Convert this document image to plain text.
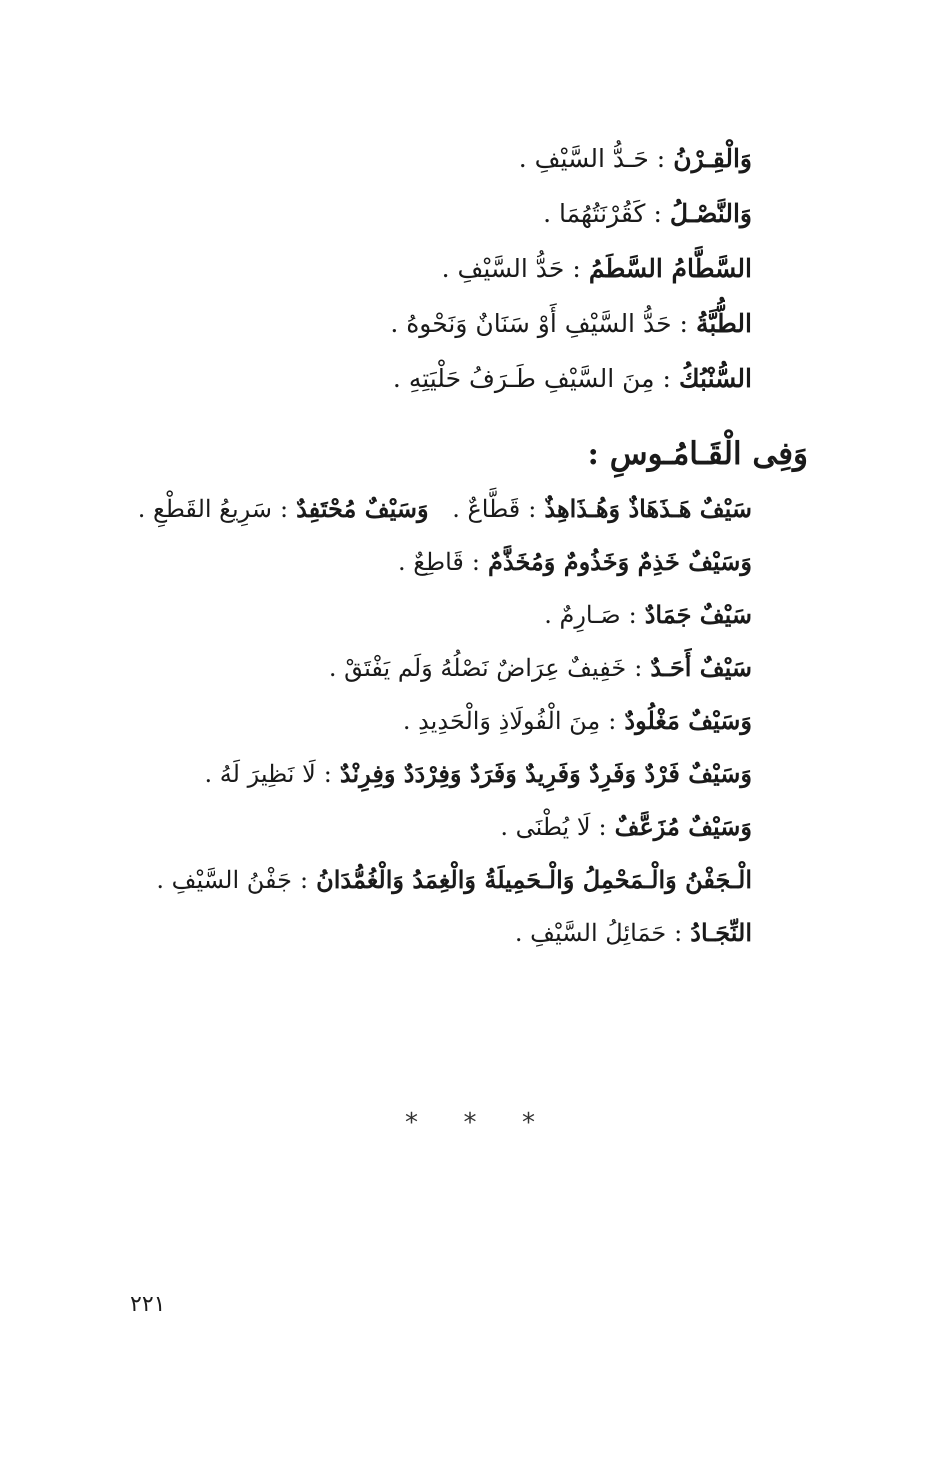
وَالْقِـرْنُ:حَـدُّ السَّيْفِ .
وَالنَّصْـلُ:كَقُرْنَتُهُمَا .
السَّطَّامُ السَّطَمُ:حَدُّ السَّيْفِ .
الطُّبَّةُ:حَدُّ السَّيْفِ أَوْ سَنَانٌ وَنَحْوهُ .
السُّنْبُكُ:مِنَ السَّيْفِ طَـرَفُ حَلْيَتِهِ .
وَفِى الْقَـامُـوسِ :
سَيْفٌ هَـذَهَاذٌ وَهُـذَاهِذٌ:قَطَّاعٌ . وَسَيْفٌ مُحْتَفِدٌ:سَرِيعُ القَطْعِ .
وَسَيْفٌ خَذِمٌ وَخَذُومٌ وَمُخَذَّمٌ:قَاطِعٌ .
سَيْفٌ جَمَادٌ:صَـارِمٌ .
سَيْفٌ أَحَـدٌ:خَفِيفٌ عِرَاضٌ نَصْلُهُ وَلَم يَفْتَقْ .
وَسَيْفٌ مَغْلُودٌ:مِنَ الْفُولَاذِ وَالْحَدِيدِ .
وَسَيْفٌ فَرْدٌ وَفَرِدٌ وَفَرِيدٌ وَفَرَدٌ وَفِرْدَدٌ وَفِرِنْدٌ:لَا نَظِيرَ لَهُ .
وَسَيْفٌ مُزَعَّفٌ:لَا يُطْنَى .
الْـجَفْنُ وَالْـمَحْمِلُ وَالْـحَمِيلَةُ وَالْغِمَدُ وَالْغُمُّدَانُ:جَفْنُ السَّيْفِ .
النِّجَـادُ:حَمَائِلُ السَّيْفِ .
*
*
*
٢٢١
